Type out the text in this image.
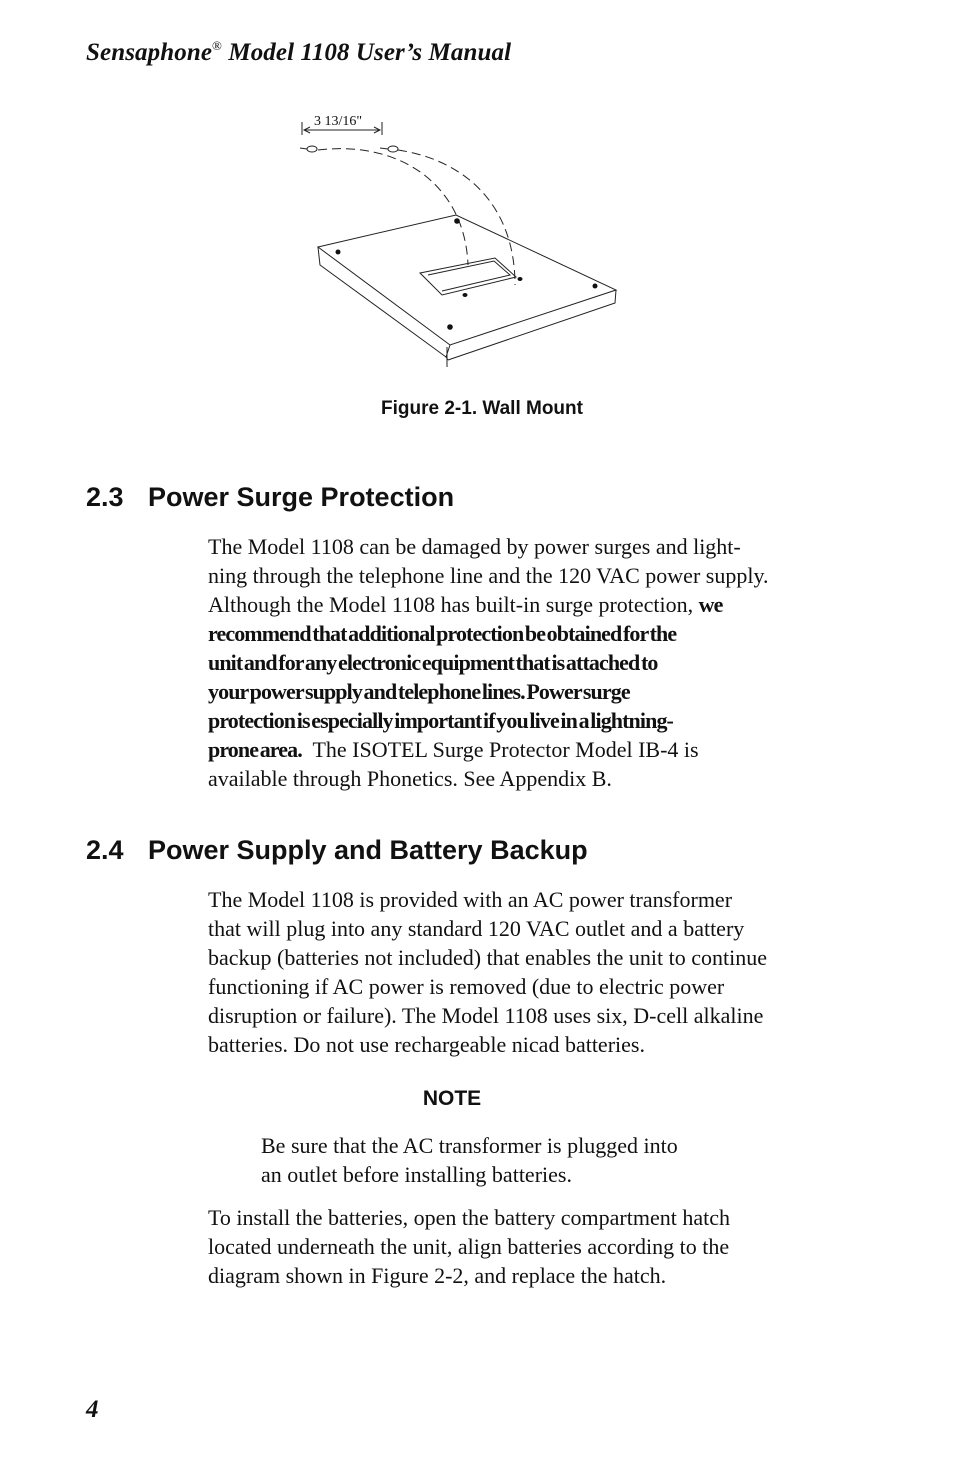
Sensaphone® Model 1108 User’s Manual
3 13/16"
Figure 2-1. Wall Mount
2.3 Power Surge Protection
The Model 1108 can be damaged by power surges and light-
ning through the telephone line and the 120 VAC power supply.
Although the Model 1108 has built-in surge protection, we
recommend that additional protection be obtained for the
unit and for any electronic equipment that is attached to
your power supply and telephone lines. Power surge
protection is especially important if you live in a lightning-
prone area.  The ISOTEL Surge Protector Model IB-4 is
available through Phonetics. See Appendix B.
2.4 Power Supply and Battery Backup
The Model 1108 is provided with an AC power transformer
that will plug into any standard 120 VAC outlet and a battery
backup (batteries not included) that enables the unit to continue
functioning if AC power is removed (due to electric power
disruption or failure). The Model 1108 uses six, D-cell alkaline
batteries. Do not use rechargeable nicad batteries.
NOTE
Be sure that the AC transformer is plugged into
an outlet before installing batteries.
To install the batteries, open the battery compartment hatch
located underneath the unit, align batteries according to the
diagram shown in Figure 2-2, and replace the hatch.
4
